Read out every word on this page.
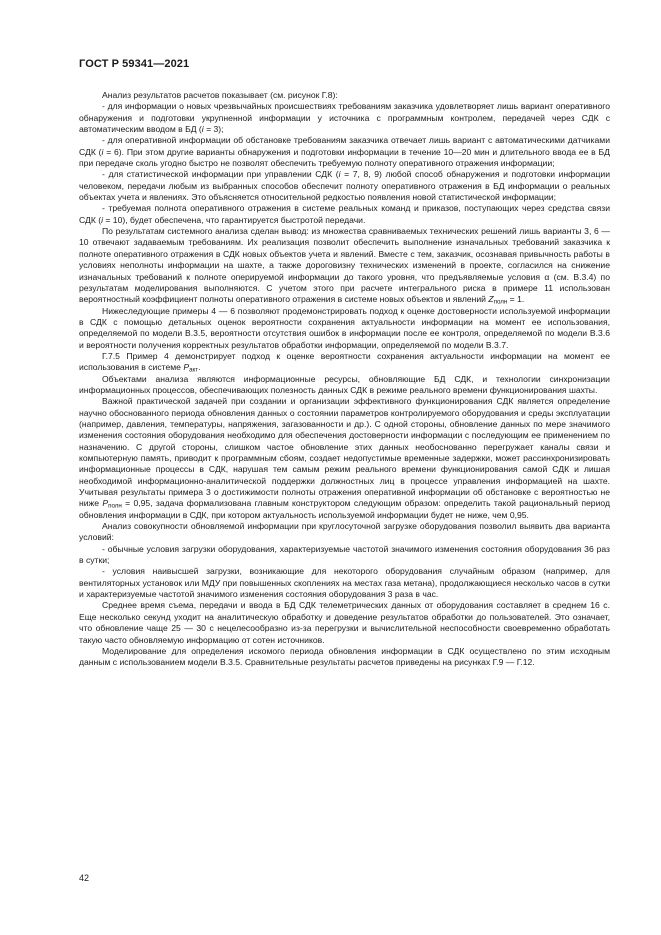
ГОСТ Р 59341—2021

Анализ результатов расчетов показывает (см. рисунок Г.8):

- для информации о новых чрезвычайных происшествиях требованиям заказчика удовлетворяет лишь вариант оперативного обнаружения и подготовки укрупненной информации у источника с программным контролем, передачей через СДК с автоматическим вводом в БД (i = 3);

- для оперативной информации об обстановке требованиям заказчика отвечает лишь вариант с автоматическими датчиками СДК (i = 6). При этом другие варианты обнаружения и подготовки информации в течение 10—20 мин и длительного ввода ее в БД при передаче сколь угодно быстро не позволят обеспечить требуемую полноту оперативного отражения информации;

- для статистической информации при управлении СДК (i = 7, 8, 9) любой способ обнаружения и подготовки информации человеком, передачи любым из выбранных способов обеспечит полноту оперативного отражения в БД информации о реальных объектах учета и явлениях. Это объясняется относительной редкостью появления новой статистической информации;

- требуемая полнота оперативного отражения в системе реальных команд и приказов, поступающих через средства связи СДК (i = 10), будет обеспечена, что гарантируется быстротой передачи.

По результатам системного анализа сделан вывод: из множества сравниваемых технических решений лишь варианты 3, 6 — 10 отвечают задаваемым требованиям. Их реализация позволит обеспечить выполнение изначальных требований заказчика к полноте оперативного отражения в СДК новых объектов учета и явлений. Вместе с тем, заказчик, осознавая привычность работы в условиях неполноты информации на шахте, а также дороговизну технических изменений в проекте, согласился на снижение изначальных требований к полноте оперируемой информации до такого уровня, что предъявляемые условия α (см. В.3.4) по результатам моделирования выполняются. С учетом этого при расчете интегрального риска в примере 11 использован вероятностный коэффициент полноты оперативного отражения в системе новых объектов и явлений $Z_{полн} = 1$.

Нижеследующие примеры 4 — 6 позволяют продемонстрировать подход к оценке достоверности используемой информации в СДК с помощью детальных оценок вероятности сохранения актуальности информации на момент ее использования, определяемой по модели В.3.5, вероятности отсутствия ошибок в информации после ее контроля, определяемой по модели В.3.6 и вероятности получения корректных результатов обработки информации, определяемой по модели В.3.7.

Г.7.5 Пример 4 демонстрирует подход к оценке вероятности сохранения актуальности информации на момент ее использования в системе $P_{акт}$.

Объектами анализа являются информационные ресурсы, обновляющие БД СДК, и технологии синхронизации информационных процессов, обеспечивающих полезность данных СДК в режиме реального времени функционирования шахты.

Важной практической задачей при создании и организации эффективного функционирования СДК является определение научно обоснованного периода обновления данных о состоянии параметров контролируемого оборудования и среды эксплуатации (например, давления, температуры, напряжения, загазованности и др.). С одной стороны, обновление данных по мере значимого изменения состояния оборудования необходимо для обеспечения достоверности информации с последующим ее применением по назначению. С другой стороны, слишком частое обновление этих данных необоснованно перегружает каналы связи и компьютерную память, приводит к программным сбоям, создает недопустимые временные задержки, может рассинхронизировать информационные процессы в СДК, нарушая тем самым режим реального времени функционирования самой СДК и лишая необходимой информационно-аналитической поддержки должностных лиц в процессе управления информацией на шахте. Учитывая результаты примера 3 о достижимости полноты отражения оперативной информации об обстановке с вероятностью не ниже $P_{полн} = 0,95$, задача формализована главным конструктором следующим образом: определить такой рациональный период обновления информации в СДК, при котором актуальность используемой информации будет не ниже, чем 0,95.

Анализ совокупности обновляемой информации при круглосуточной загрузке оборудования позволил выявить два варианта условий:

- обычные условия загрузки оборудования, характеризуемые частотой значимого изменения состояния оборудования 36 раз в сутки;

- условия наивысшей загрузки, возникающие для некоторого оборудования случайным образом (например, для вентиляторных установок или МДУ при повышенных скоплениях на местах газа метана), продолжающиеся несколько часов в сутки и характеризуемые частотой значимого изменения состояния оборудования 3 раза в час.

Среднее время съема, передачи и ввода в БД СДК телеметрических данных от оборудования составляет в среднем 16 с. Еще несколько секунд уходит на аналитическую обработку и доведение результатов обработки до пользователей. Это означает, что обновление чаще 25 — 30 с нецелесообразно из-за перегрузки и вычислительной неспособности своевременно обработать такую часто обновляемую информацию от сотен источников.

Моделирование для определения искомого периода обновления информации в СДК осуществлено по этим исходным данным с использованием модели В.3.5. Сравнительные результаты расчетов приведены на рисунках Г.9 — Г.12.

42
